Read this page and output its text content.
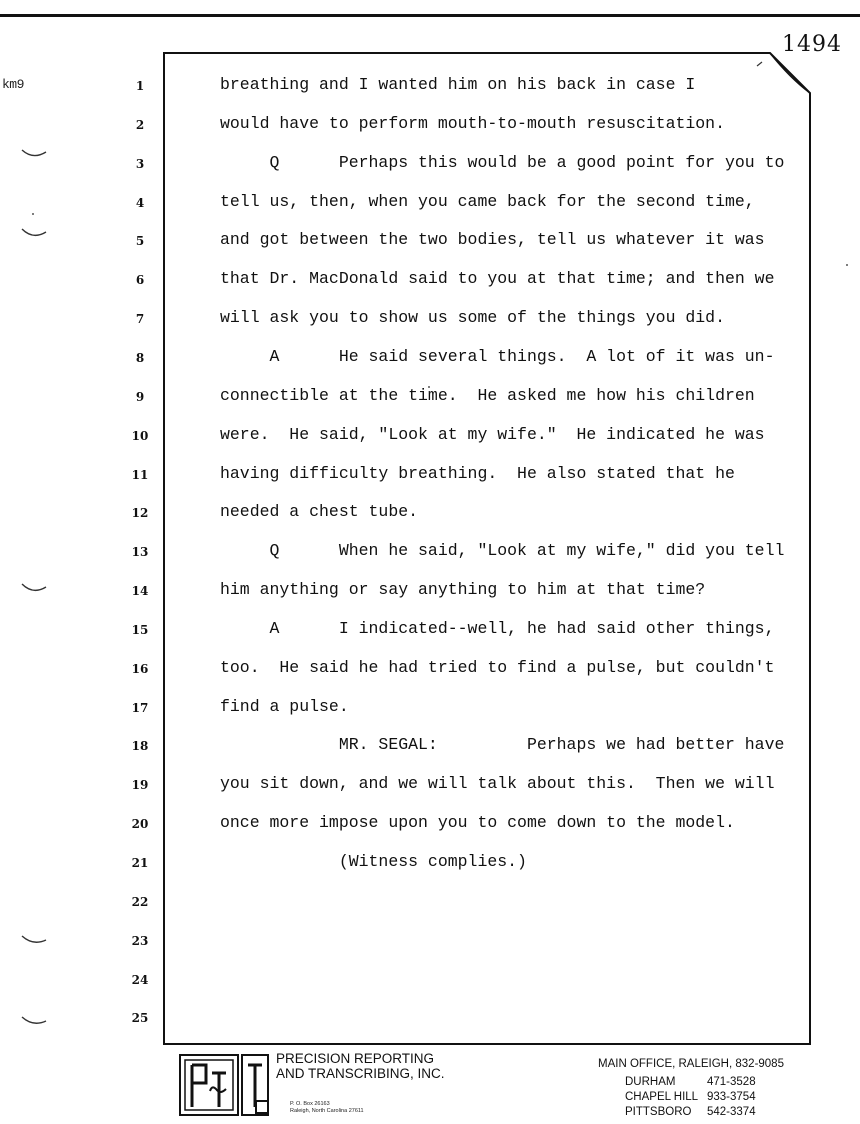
km9
1494
1	breathing and I wanted him on his back in case I
2	would have to perform mouth-to-mouth resuscitation.
3	Q      Perhaps this would be a good point for you to
4	tell us, then, when you came back for the second time,
5	and got between the two bodies, tell us whatever it was
6	that Dr. MacDonald said to you at that time; and then we
7	will ask you to show us some of the things you did.
8	A      He said several things.  A lot of it was un-
9	connectible at the time.  He asked me how his children
10	were.  He said, "Look at my wife."  He indicated he was
11	having difficulty breathing.  He also stated that he
12	needed a chest tube.
13	Q      When he said, "Look at my wife," did you tell
14	him anything or say anything to him at that time?
15	A      I indicated--well, he had said other things,
16	too.  He said he had tried to find a pulse, but couldn't
17	find a pulse.
18	MR. SEGAL:         Perhaps we had better have
19	you sit down, and we will talk about this.  Then we will
20	once more impose upon you to come down to the model.
21	(Witness complies.)
22
23
24
25
PRECISION REPORTING
AND TRANSCRIBING, INC.
P. O. Box 26163
Raleigh, North Carolina 27611
MAIN OFFICE, RALEIGH, 832-9085
DURHAM	471-3528
CHAPEL HILL 933-3754
PITTSBORO 542-3374
